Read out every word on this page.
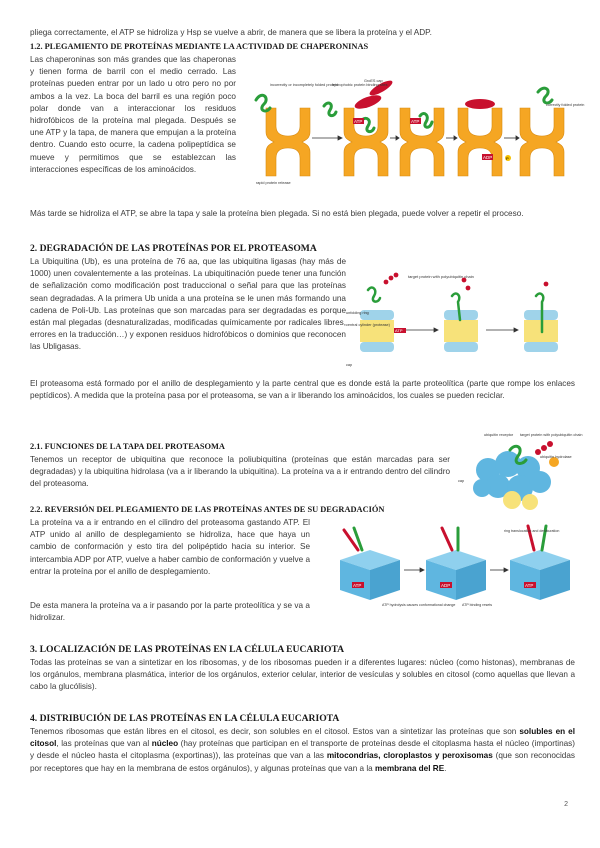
pliega correctamente, el ATP se hidroliza y Hsp se vuelve a abrir, de manera que se libera la proteína y el ADP.

1.2. PLEGAMIENTO DE PROTEÍNAS MEDIANTE LA ACTIVIDAD DE CHAPERONINAS

Las chaperoninas son más grandes que las chaperonas y tienen forma de barril con el medio cerrado. Las proteínas pueden entrar por un lado u otro pero no por ambos a la vez. La boca del barril es una región poco polar donde van a interaccionar los residuos hidrofóbicos de la proteína mal plegada. Después se une ATP y la tapa, de manera que empujan a la proteína dentro. Cuando esto ocurre, la cadena polipeptídica se mueve y permitimos que se establezcan las interacciones específicas de los aminoácidos.

ATP	ATP
ADP	P
incorrectly or incompletely folded protein
hydrophobic protein binding sites
GroES cap
correctly folded protein
rapid protein release

Más tarde se hidroliza el ATP, se abre la tapa y sale la proteína bien plegada. Si no está bien plegada, puede volver a repetir el proceso.

2. DEGRADACIÓN DE LAS PROTEÍNAS POR EL PROTEASOMA

La Ubiquitina (Ub), es una proteína de 76 aa, que las ubiquitina ligasas (hay más de 1000) unen covalentemente a las proteínas. La ubiquitinación puede tener una función de señalización como modificación post traduccional o señal para que las proteínas sean degradadas. A la primera Ub unida a una proteína se le unen más formando una cadena de Poli-Ub. Las proteínas que son marcadas para ser degradadas es porque están mal plegadas (desnaturalizadas, modificadas químicamente por radicales libres, errores en la traducción…) y exponen residuos hidrofóbicos o dominios que reconocen las Ubligasas.

ATP
target protein with polyubiquitin chain
unfolding ring
central cylinder (protease)
cap

El proteasoma está formado por el anillo de desplegamiento y la parte central que es donde está la parte proteolítica (parte que rompe los enlaces peptídicos). A medida que la proteína pasa por el proteasoma, se van a ir liberando los aminoácidos, los cuales se pueden reciclar.

2.1. FUNCIONES DE LA TAPA DEL PROTEASOMA

Tenemos un receptor de ubiquitina que reconoce la poliubiquitina (proteínas que están marcadas para ser degradadas) y la ubiquitina hidrolasa (va a ir liberando la ubiquitina). La proteína va a ir entrando dentro del cilindro del proteasoma.

ubiquitin receptor target protein with polyubiquitin chain
ubiquitin hydrolase
cap

2.2. REVERSIÓN DEL PLEGAMIENTO DE LAS PROTEÍNAS ANTES DE SU DEGRADACIÓN

La proteína va a ir entrando en el cilindro del proteasoma gastando ATP. El ATP unido al anillo de desplegamiento se hidroliza, hace que haya un cambio de conformación y esto tira del polipéptido hacia su interior. Se intercambia ADP por ATP, vuelve a haber cambio de conformación y vuelve a entrar la proteína por el anillo de desplegamiento.

De esta manera la proteína va a ir pasando por la parte proteolítica y se va a hidrolizar.

ATP	ADP	ATP
ATP hydrolysis causes conformational change ATP binding resets
ring translocation and denaturation

3. LOCALIZACIÓN DE LAS PROTEÍNAS EN LA CÉLULA EUCARIOTA

Todas las proteínas se van a sintetizar en los ribosomas, y de los ribosomas pueden ir a diferentes lugares: núcleo (como histonas), membranas de los orgánulos, membrana plasmática, interior de los orgánulos, exterior celular, interior de vesículas y solubles en citosol (como aquellas que llevan a cabo la glucólisis).

4. DISTRIBUCIÓN DE LAS PROTEÍNAS EN LA CÉLULA EUCARIOTA

Tenemos ribosomas que están libres en el citosol, es decir, son solubles en el citosol. Estos van a sintetizar las proteínas que son solubles en el citosol, las proteínas que van al núcleo (hay proteínas que participan en el transporte de proteínas desde el citoplasma hasta el núcleo (importinas) y desde el núcleo hasta el citoplasma (exportinas)), las proteínas que van a las mitocondrias, cloroplastos y peroxisomas (que son reconocidas por receptores que hay en la membrana de estos orgánulos), y algunas proteínas que van a la membrana del RE.

2
